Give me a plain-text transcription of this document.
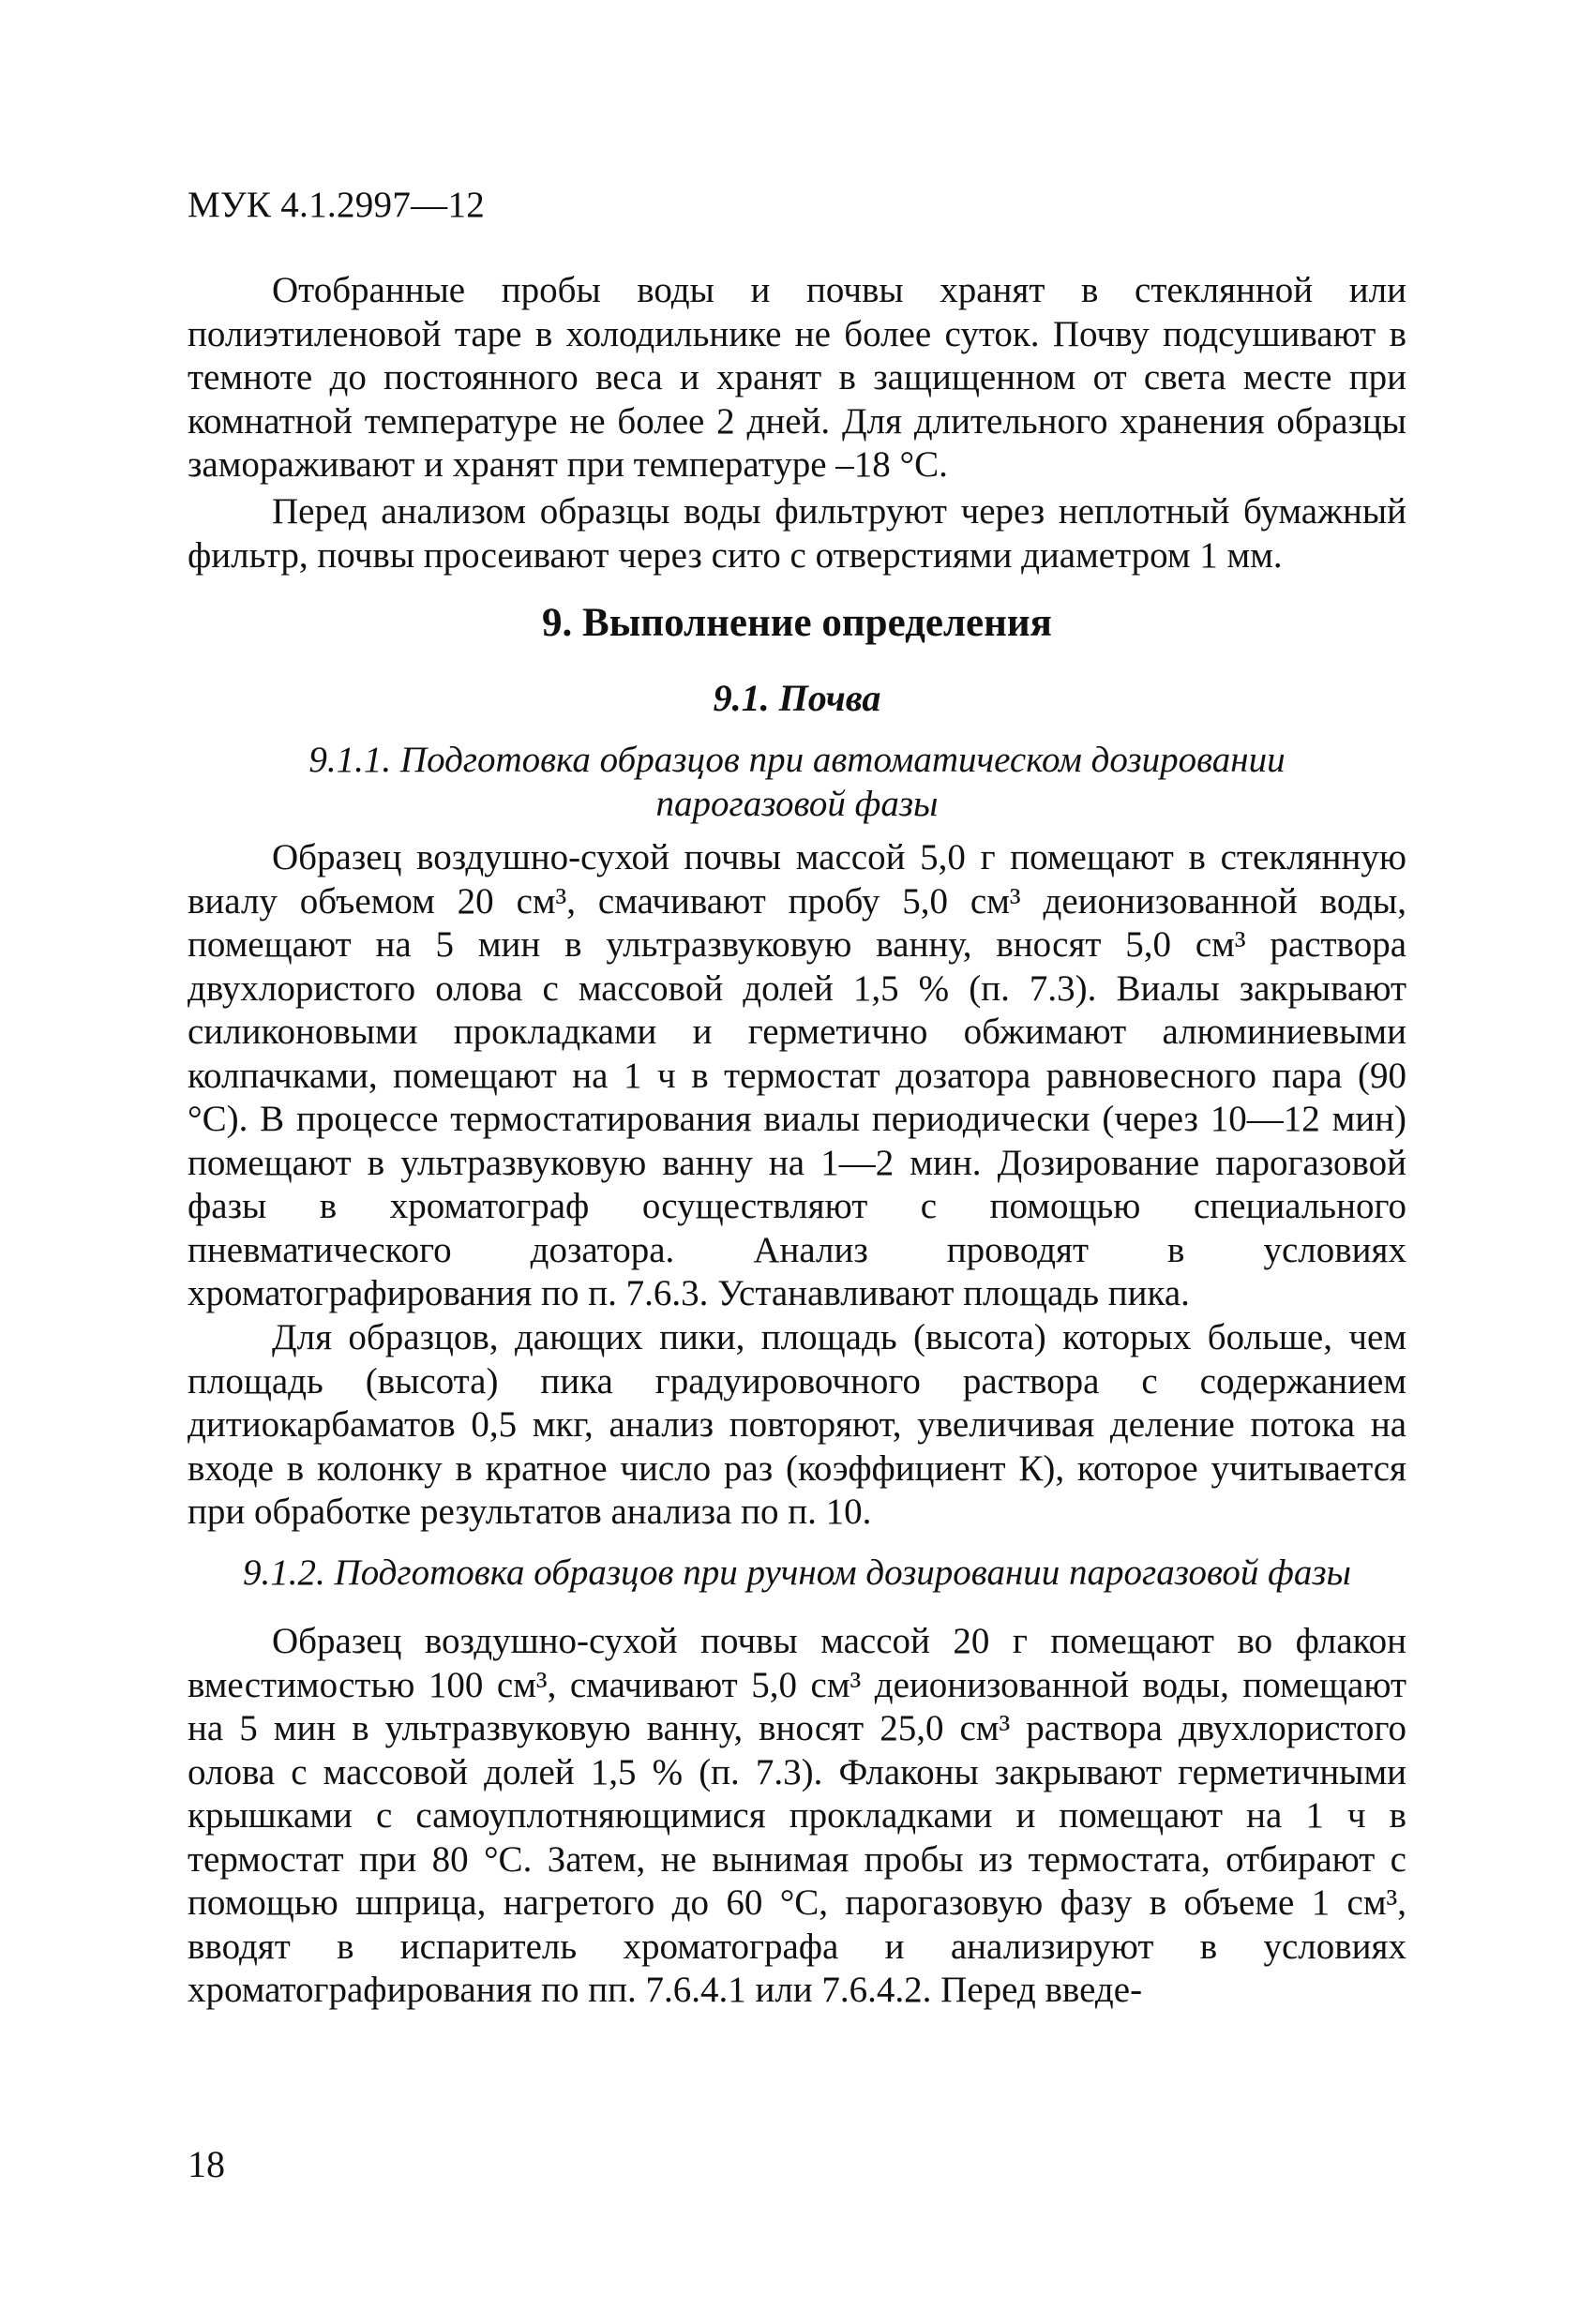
МУК 4.1.2997—12

Отобранные пробы воды и почвы хранят в стеклянной или полиэтиленовой таре в холодильнике не более суток. Почву подсушивают в темноте до постоянного веса и хранят в защищенном от света месте при комнатной температуре не более 2 дней. Для длительного хранения образцы замораживают и хранят при температуре –18 °С.

Перед анализом образцы воды фильтруют через неплотный бумажный фильтр, почвы просеивают через сито с отверстиями диаметром 1 мм.

9. Выполнение определения
9.1. Почва
9.1.1. Подготовка образцов при автоматическом дозировании
парогазовой фазы

Образец воздушно-сухой почвы массой 5,0 г помещают в стеклянную виалу объемом 20 см³, смачивают пробу 5,0 см³ деионизованной воды, помещают на 5 мин в ультразвуковую ванну, вносят 5,0 см³ раствора двухлористого олова с массовой долей 1,5 % (п. 7.3). Виалы закрывают силиконовыми прокладками и герметично обжимают алюминиевыми колпачками, помещают на 1 ч в термостат дозатора равновесного пара (90 °С). В процессе термостатирования виалы периодически (через 10—12 мин) помещают в ультразвуковую ванну на 1—2 мин. Дозирование парогазовой фазы в хроматограф осуществляют с помощью специального пневматического дозатора. Анализ проводят в условиях хроматографирования по п. 7.6.3. Устанавливают площадь пика.

Для образцов, дающих пики, площадь (высота) которых больше, чем площадь (высота) пика градуировочного раствора с содержанием дитиокарбаматов 0,5 мкг, анализ повторяют, увеличивая деление потока на входе в колонку в кратное число раз (коэффициент К), которое учитывается при обработке результатов анализа по п. 10.

9.1.2. Подготовка образцов при ручном дозировании парогазовой фазы

Образец воздушно-сухой почвы массой 20 г помещают во флакон вместимостью 100 см³, смачивают 5,0 см³ деионизованной воды, помещают на 5 мин в ультразвуковую ванну, вносят 25,0 см³ раствора двухлористого олова с массовой долей 1,5 % (п. 7.3). Флаконы закрывают герметичными крышками с самоуплотняющимися прокладками и помещают на 1 ч в термостат при 80 °С. Затем, не вынимая пробы из термостата, отбирают с помощью шприца, нагретого до 60 °С, парогазовую фазу в объеме 1 см³, вводят в испаритель хроматографа и анализируют в условиях хроматографирования по пп. 7.6.4.1 или 7.6.4.2. Перед введе-

18
